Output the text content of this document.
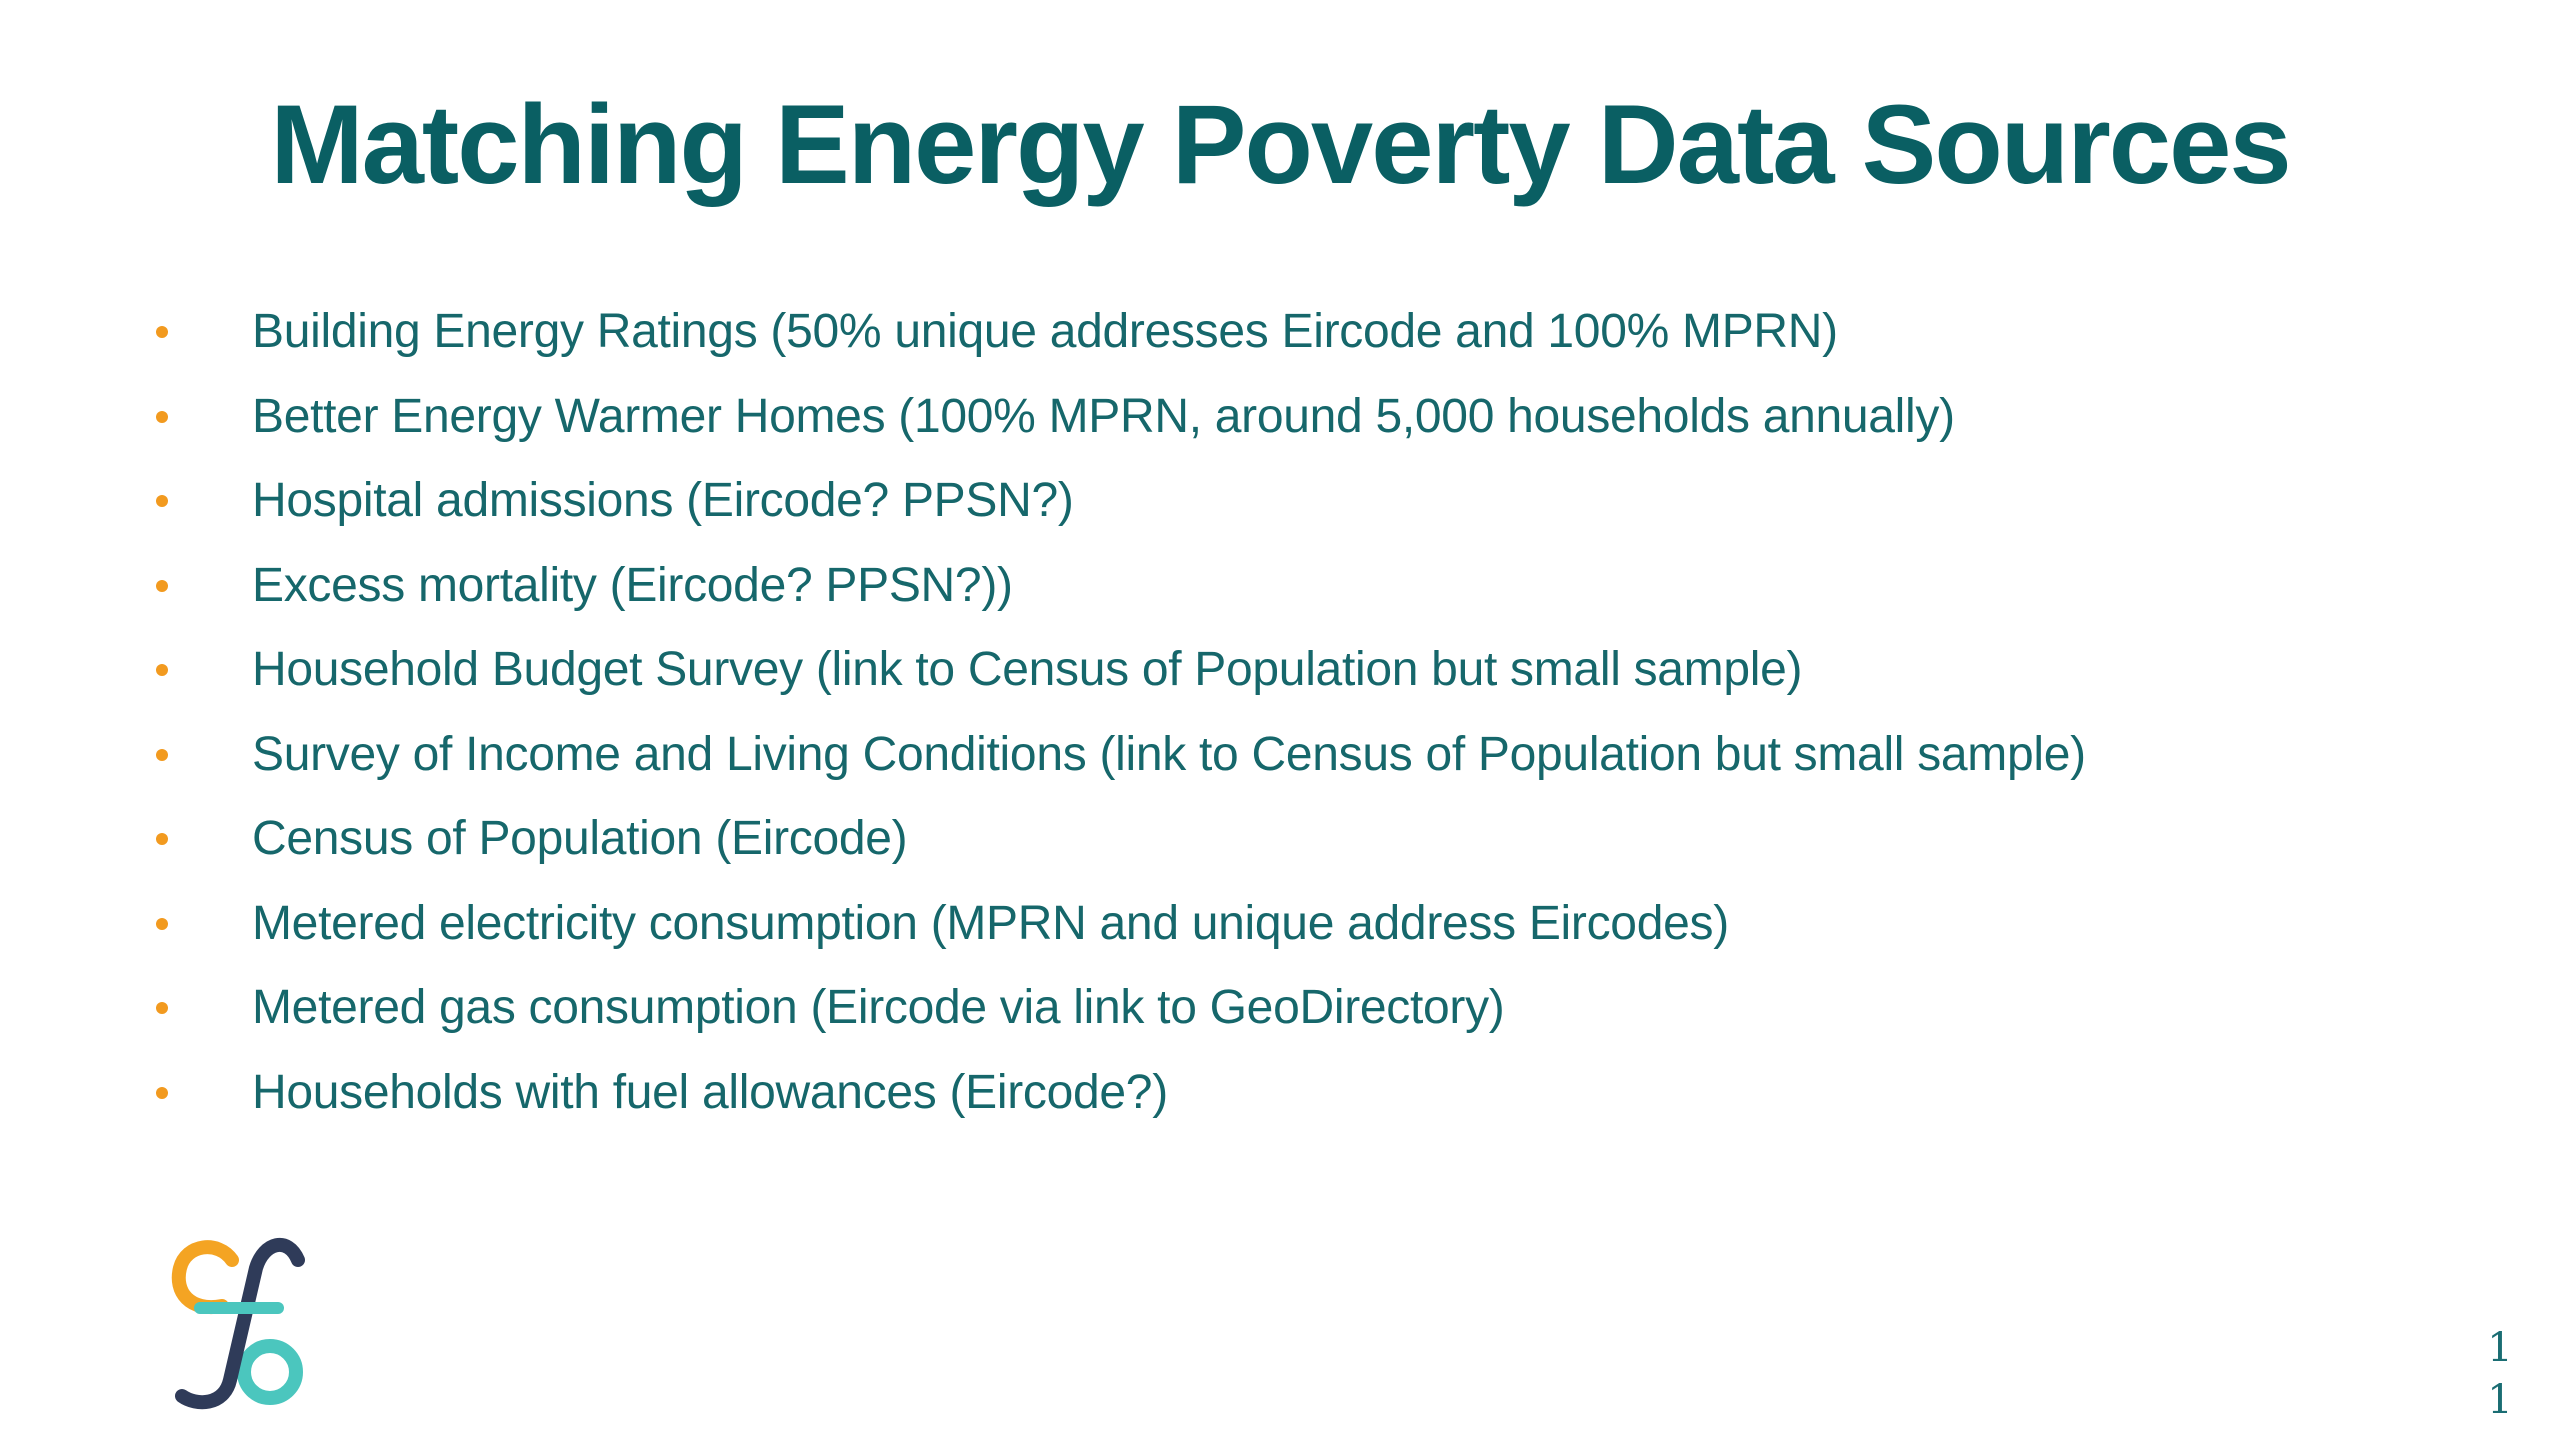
Matching Energy Poverty Data Sources
Building Energy Ratings (50% unique addresses Eircode and 100% MPRN)
Better Energy Warmer Homes (100% MPRN, around 5,000 households annually)
Hospital admissions (Eircode? PPSN?)
Excess mortality (Eircode? PPSN?))
Household Budget Survey (link to Census of Population but small sample)
Survey of Income and Living Conditions (link to Census of Population but small sample)
Census of Population (Eircode)
Metered electricity consumption (MPRN and unique address Eircodes)
Metered gas consumption (Eircode via link to GeoDirectory)
Households with fuel allowances (Eircode?)
1
1
